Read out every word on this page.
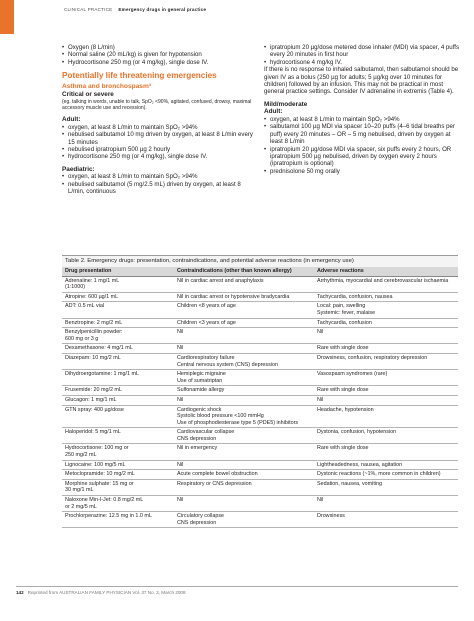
CLINICAL PRACTICE Emergency drugs in general practice
• Oxygen (8 L/min)
• Normal saline (20 mL/kg) is given for hypotension
• Hydrocortisone 250 mg (or 4 mg/kg), single dose IV.
Potentially life threatening emergencies
Asthma and bronchospasm³
Critical or severe
(eg. talking in words, unable to talk, SpO₂ <90%, agitated, confused, drowsy, maximal accessory muscle use and recession).
Adult:
• oxygen, at least 8 L/min to maintain SpO₂ >94%
• nebulised salbutamol 10 mg driven by oxygen, at least 8 L/min every 15 minutes
• nebulised ipratropium 500 µg 2 hourly
• hydrocortisone 250 mg (or 4 mg/kg), single dose IV.
Paediatric:
• oxygen, at least 8 L/min to maintain SpO₂ >94%
• nebulised salbutamol (5 mg/2.5 mL) driven by oxygen, at least 8 L/min, continuous
• ipratropium 20 µg/dose metered dose inhaler (MDI) via spacer, 4 puffs every 20 minutes in first hour
• hydrocortisone 4 mg/kg IV.
If there is no response to inhaled salbutamol, then salbutamol should be given IV as a bolus (250 µg for adults; 5 µg/kg over 10 minutes for children) followed by an infusion. This may not be practical in most general practice settings. Consider IV adrenaline in extremis (Table 4).
Mild/moderate
Adult:
• oxygen, at least 8 L/min to maintain SpO₂ >94%
• salbutamol 100 µg MDI via spacer 10–20 puffs (4–6 tidal breaths per puff) every 20 minutes – OR – 5 mg nebulised, driven by oxygen at least 8 L/min
• ipratropium 20 µg/dose MDI via spacer, six puffs every 2 hours, OR ipratropium 500 µg nebulised, driven by oxygen every 2 hours (ipratropium is optional)
• prednisolone 50 mg orally
Table 2. Emergency drugs: presentation, contraindications, and potential adverse reactions (in emergency use)
Drug presentation	Contraindications (other than known allergy)	Adverse reactions

Adrenaline: 1 mg/1 mL

(1:1000)	Nil in cardiac arrest and anaphylaxis	Arrhythmia, myocardial and cerebrovascular ischaemia

Atropine: 600 µg/1 mL	Nil in cardiac arrest or hypotensive bradycardia	Tachycardia, confusion, nausea

ADT: 0.5 mL vial	Children <8 years of age	Local: pain, swelling

Systemic: fever, malaise

Benztropine: 2 mg/2 mL	Children <3 years of age	Tachycardia, confusion

Benzylpenicillin powder:

600 mg or 3 g	Nil	Nil

Dexamethasone: 4 mg/1 mL	Nil	Rare with single dose

Diazepam: 10 mg/2 mL	Cardiorespiratory failure

Central nervous system (CNS) depression	Drowsiness, confusion, respiratory depression

Dihydroergotamine: 1 mg/1 mL	Hemiplegic migraine

Use of sumatriptan	Vasospasm syndromes (rare)

Frusemide: 20 mg/2 mL	Sulfonamide allergy	Rare with single dose

Glucagon: 1 mg/1 mL	Nil	Nil

GTN spray: 400 µg/dose	Cardiogenic shock

Systolic blood pressure <100 mmHg

Use of phosphodiesterase type 5 (PDE5) inhibitors	Headache, hypotension

Haloperidol: 5 mg/1 mL	Cardiovascular collapse

CNS depression	Dystonia, confusion, hypotension

Hydrocortisone: 100 mg or

250 mg/2 mL	Nil in emergency	Rare with single dose

Lignocaine: 100 mg/5 mL	Nil	Lightheadedness, nausea, agitation

Metoclopramide: 10 mg/2 mL	Acute complete bowel obstruction	Dystonic reactions (~1%, more common in children)

Morphine sulphate: 15 mg or

30 mg/1 mL	Respiratory or CNS depression	Sedation, nausea, vomiting

Naloxone Min-I-Jet: 0.8 mg/2 mL

or 2 mg/5 mL	Nil	Nil

Prochlorperazine: 12.5 mg in 1.0 mL	Circulatory collapse

CNS depression	Drowsiness

142 Reprinted from AUSTRALIAN FAMILY PHYSICIAN Vol. 37 No. 3, March 2008
